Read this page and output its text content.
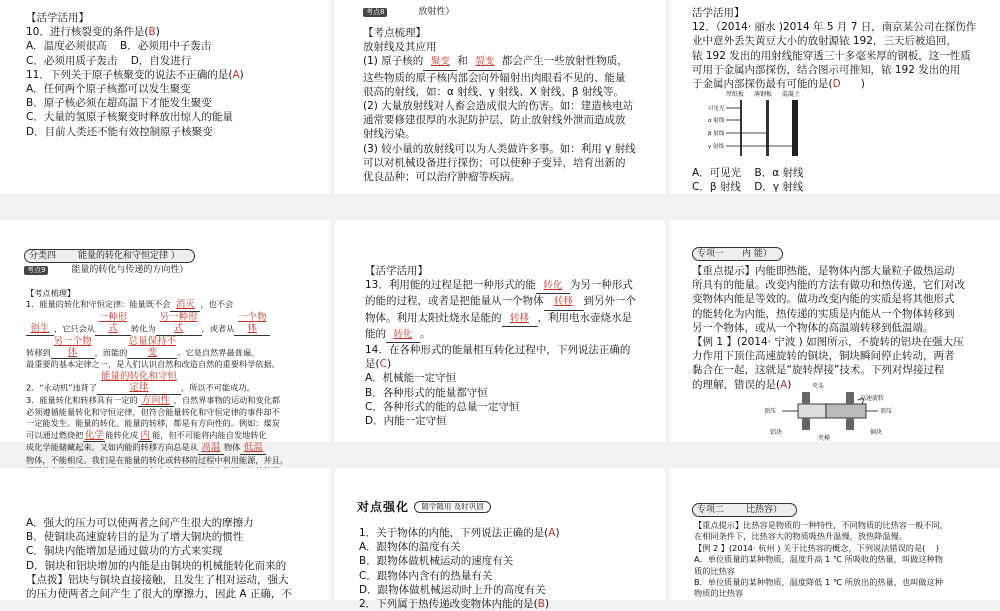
【活学活用】

10．进行核裂变的条件是(B)

A．温度必须很高 B．必须用中子轰击

C．必须用质子轰击 D．自发进行

11．下列关于原子核聚变的说法不正确的是(A)

A．任何两个原子核都可以发生聚变

B．原子核必须在超高温下才能发生聚变

C．大量的氢原子核聚变时释放出惊人的能量

D．目前人类还不能有效控制原子核聚变

考点8	放射性）

【考点梳理】

放射线及其应用

(1) 原子核的 聚变 和 裂变 都会产生一些放射性物质，

这些物质的原子核内部会向外辐射出肉眼看不见的、能量

很高的射线，如：α 射线、γ 射线、X 射线、β 射线等。

(2) 大量放射线对人畜会造成很大的伤害。如：建造核电站

通常要修建很厚的水泥防护层，防止放射线外泄而造成放

射线污染。

(3) 较小量的放射线可以为人类做许多事。如：利用 γ 射线

可以对机械设备进行探伤；可以使种子变异，培育出新的

优良品种；可以治疗肿瘤等疾病。

活学活用】

12．（2014· 丽水 )2014 年 5 月 7 日，南京某公司在探伤作

业中意外丢失黄豆大小的放射源铱 192，三天后被追回，

铱 192 发出的用射线能穿透三十多毫米厚的钢板，这一性质

可用于金属内部探伤，结合图示可推知，铱 192 发出的用

于金属内部探伤最有可能的是(D )

厚纸板 薄钢板 混凝土
可见光
α 射线
β 射线
γ 射线

A．可见光 B．α 射线

C．β 射线 D．γ 射线

分类四 能量的转化和守恒定律 ）
考点9	能量的转化与传递的方向性）

【考点梳理】

1．能量的转化和守恒定律：能量既不会 消灭 ，也不会

创生 ，它只会从一种形式 转化为另一种形式 ，或者从一个物体

转移到另一个物体 ，而能的总量保持不变 。它是自然界最普遍、

最重要的基本定律之一，是人们认识自然和改造自然的重要科学依据。

2．“永动机”违背了能量的转化和守恒定律	，所以不可能成功。

3．能量转化和转移具有一定的 方向性 ，自然界事物的运动和变化都

必须遵循能量转化和守恒定律，但符合能量转化和守恒定律的事件却不

一定能发生。能量的转化、能量的转移，都是有方向性的。例如：煤炭

可以通过燃烧把化学 能转化成 内 能，但不可能将内能自发地转化

成化学能储藏起来。又如内能的转移方向总是从 高温 物体 低温

物体，不能相反。我们是在能量的转化或转移的过程中利用能源，并且，

【活学活用】

13．利用能的过程是把一种形式的能 转化 为另一种形式

的能的过程，或者是把能量从一个物体 转移 到另外一个

物体。利用太阳灶烧水是能的 转移 ，利用电水壶烧水是

能的 转化 。

14．在各种形式的能量相互转化过程中，下列说法正确的

是(C)

A．机械能一定守恒

B．各种形式的能量都守恒

C．各种形式的能的总量一定守恒

D．内能一定守恒

专项一 内 能）

【重点提示】内能即热能，是物体内部大量粒子做热运动

所具有的能量。改变内能的方法有做功和热传递，它们对改

变物体内能是等效的。做功改变内能的实质是将其他形式

的能转化为内能，热传递的实质是内能从一个物体转移到

另一个物体，或从一个物体的高温端转移到低温端。

【例 1 】(2014· 宁波 ) 如图所示，不旋转的铝块在强大压

力作用下顶住高速旋转的铜块，铜块瞬间停止转动，两者

黏合在一起，这就是“旋转焊接”技术。下列对焊接过程

的理解，错误的是(A)	夹头
高速旋转
顶压	顶压
铝块
夹模
铜块

A．强大的压力可以使两者之间产生很大的摩擦力

B．使铜块高速旋转目的是为了增大铜块的惯性

C．铜块内能增加是通过做功的方式来实现

D．铜块和铝块增加的内能是由铜块的机械能转化而来的

【点拨】铝块与铜块直接接触，且发生了相对运动，强大

的压力使两者之间产生了很大的摩擦力，因此 A 正确，不

对点强化 随学随用 及时巩固

1．关于物体的内能，下列说法正确的是(A)

A．跟物体的温度有关

B．跟物体做机械运动的速度有关

C．跟物体内含有的热量有关

D．跟物体做机械运动时上升的高度有关

2．下列属于热传递改变物体内能的是(B)

专项二 比热容）

【重点提示】比热容是物质的一种特性，不同物质的比热容一般不同，

在相同条件下，比热容大的物质吸热升温慢，放热降温慢。

【例 2 】(2014· 杭州 ) 关于比热容的概念，下列说法错误的是( )

A．单位质量的某种物质，温度升高 1 ℃ 所吸收的热量，叫做这种物

质的比热容

B．单位质量的某种物质，温度降低 1 ℃ 所放出的热量，也叫做这种

物质的比热容
